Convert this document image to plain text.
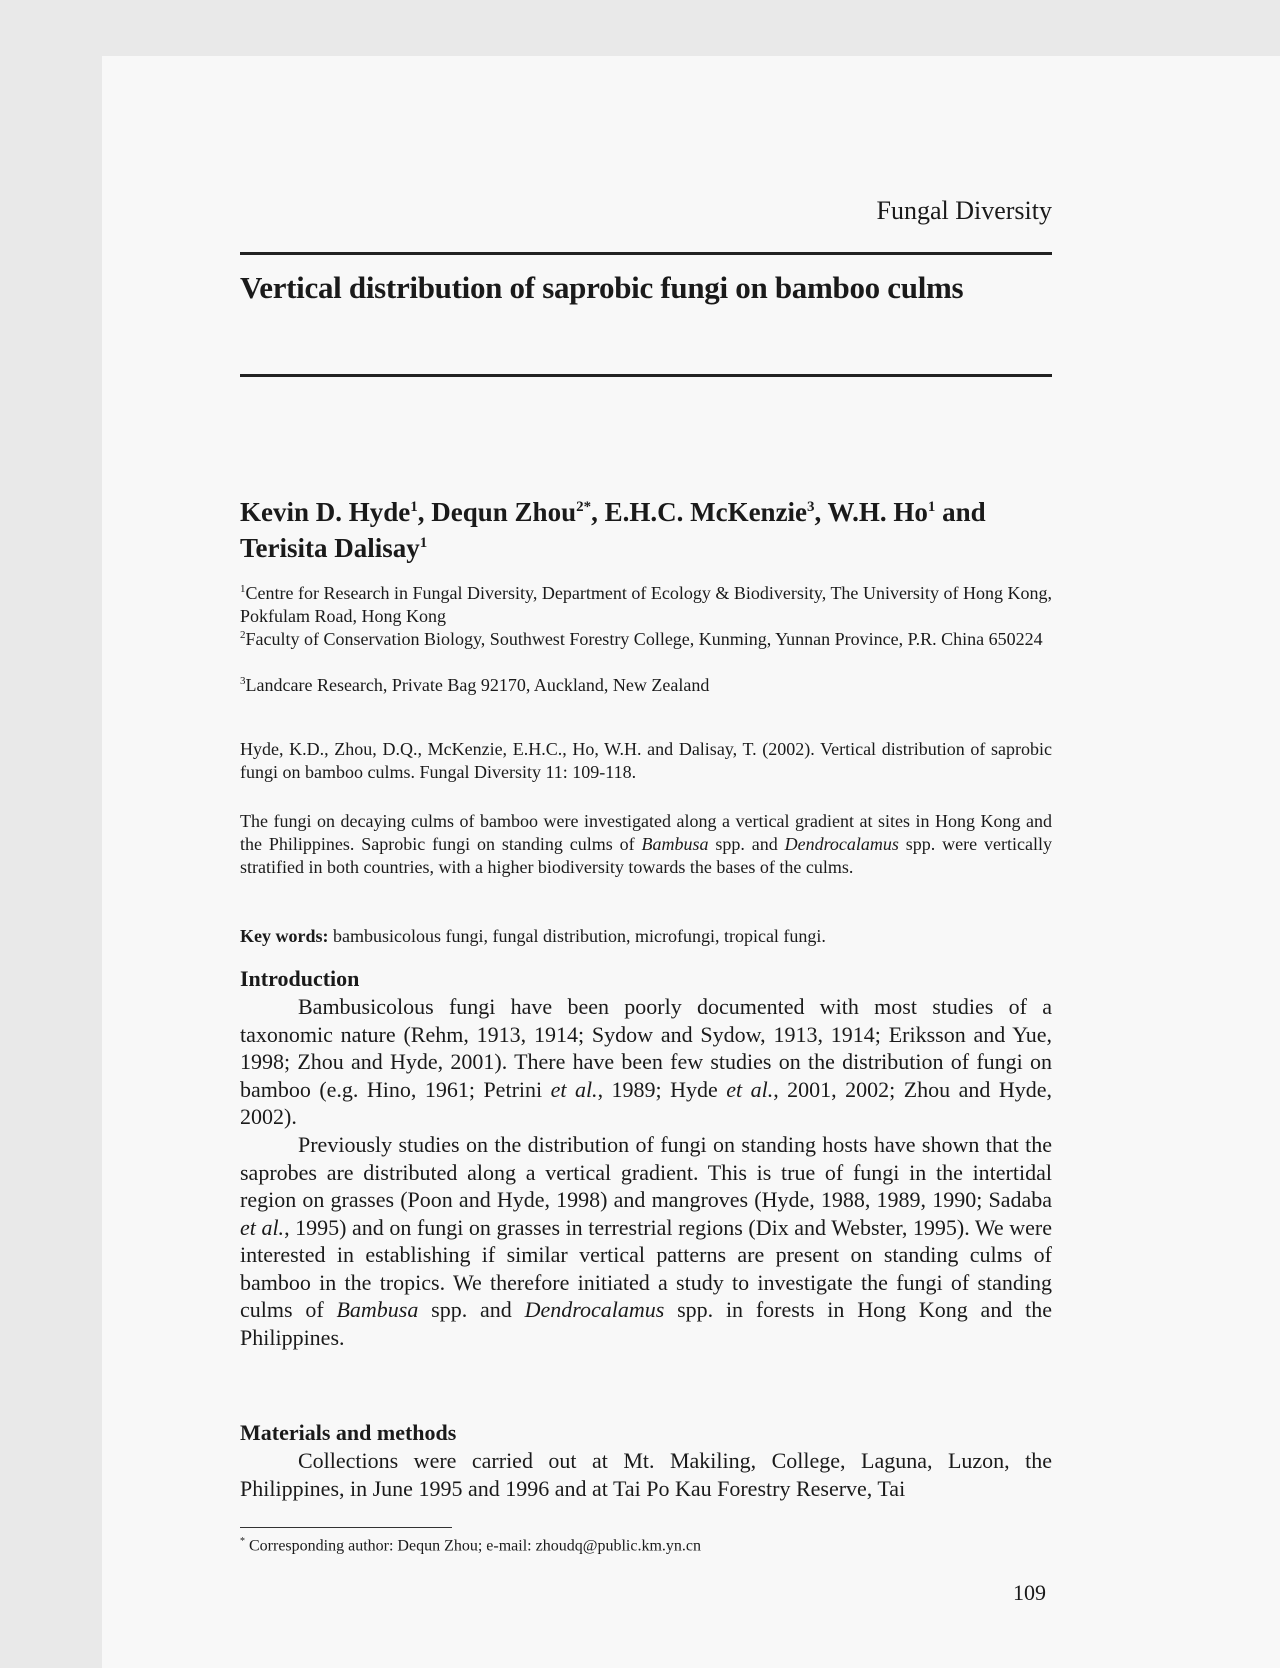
Fungal Diversity
Vertical distribution of saprobic fungi on bamboo culms
Kevin D. Hyde$^1$, Dequn Zhou$^{2*}$, E.H.C. McKenzie$^3$, W.H. Ho$^1$ and Terisita Dalisay$^1$
$^1$Centre for Research in Fungal Diversity, Department of Ecology & Biodiversity, The University of Hong Kong, Pokfulam Road, Hong Kong
$^2$Faculty of Conservation Biology, Southwest Forestry College, Kunming, Yunnan Province, P.R. China 650224
$^3$Landcare Research, Private Bag 92170, Auckland, New Zealand
Hyde, K.D., Zhou, D.Q., McKenzie, E.H.C., Ho, W.H. and Dalisay, T. (2002). Vertical distribution of saprobic fungi on bamboo culms. Fungal Diversity 11: 109-118.
The fungi on decaying culms of bamboo were investigated along a vertical gradient at sites in Hong Kong and the Philippines. Saprobic fungi on standing culms of Bambusa spp. and Dendrocalamus spp. were vertically stratified in both countries, with a higher biodiversity towards the bases of the culms.
Key words: bambusicolous fungi, fungal distribution, microfungi, tropical fungi.
Introduction
Bambusicolous fungi have been poorly documented with most studies of a taxonomic nature (Rehm, 1913, 1914; Sydow and Sydow, 1913, 1914; Eriksson and Yue, 1998; Zhou and Hyde, 2001). There have been few studies on the distribution of fungi on bamboo (e.g. Hino, 1961; Petrini et al., 1989; Hyde et al., 2001, 2002; Zhou and Hyde, 2002).
Previously studies on the distribution of fungi on standing hosts have shown that the saprobes are distributed along a vertical gradient. This is true of fungi in the intertidal region on grasses (Poon and Hyde, 1998) and mangroves (Hyde, 1988, 1989, 1990; Sadaba et al., 1995) and on fungi on grasses in terrestrial regions (Dix and Webster, 1995). We were interested in establishing if similar vertical patterns are present on standing culms of bamboo in the tropics. We therefore initiated a study to investigate the fungi of standing culms of Bambusa spp. and Dendrocalamus spp. in forests in Hong Kong and the Philippines.
Materials and methods
Collections were carried out at Mt. Makiling, College, Laguna, Luzon, the Philippines, in June 1995 and 1996 and at Tai Po Kau Forestry Reserve, Tai
* Corresponding author: Dequn Zhou; e-mail: zhoudq@public.km.yn.cn
109
